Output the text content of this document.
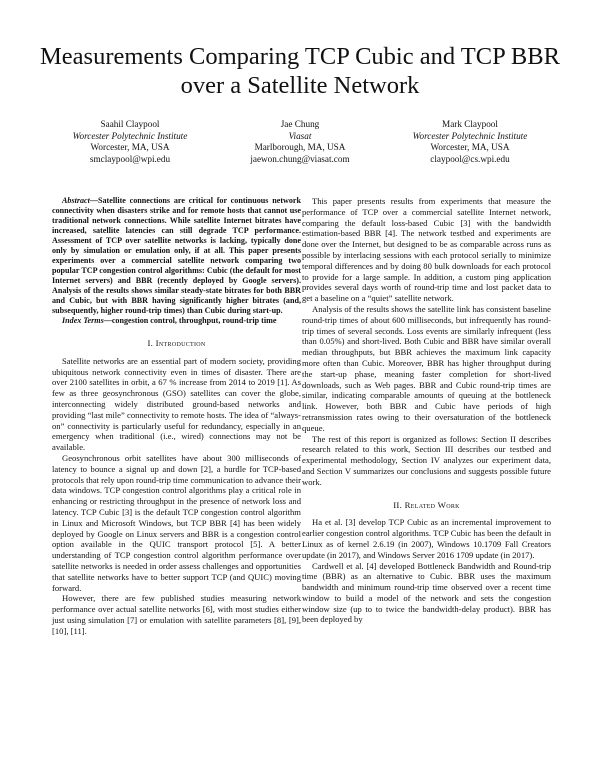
Measurements Comparing TCP Cubic and TCP BBR over a Satellite Network
Saahil Claypool
Worcester Polytechnic Institute
Worcester, MA, USA
smclaypool@wpi.edu
Jae Chung
Viasat
Marlborough, MA, USA
jaewon.chung@viasat.com
Mark Claypool
Worcester Polytechnic Institute
Worcester, MA, USA
claypool@cs.wpi.edu

Abstract—Satellite connections are critical for continuous network connectivity when disasters strike and for remote hosts that cannot use traditional network connections. While satellite Internet bitrates have increased, satellite latencies can still degrade TCP performance. Assessment of TCP over satellite networks is lacking, typically done only by simulation or emulation only, if at all. This paper presents experiments over a commercial satellite network comparing two popular TCP congestion control algorithms: Cubic (the default for most Internet servers) and BBR (recently deployed by Google servers). Analysis of the results shows similar steady-state bitrates for both BBR and Cubic, but with BBR having significantly higher bitrates (and, subsequently, higher round-trip times) than Cubic during start-up.

Index Terms—congestion control, throughput, round-trip time

I. Introduction

Satellite networks are an essential part of modern society, providing ubiquitous network connectivity even in times of disaster. There are over 2100 satellites in orbit, a 67 % increase from 2014 to 2019 [1]. As few as three geosynchronous (GSO) satellites can cover the globe, interconnecting widely distributed ground-based networks and providing “last mile” connectivity to remote hosts. The idea of “always-on” connectivity is particularly useful for redundancy, especially in an emergency when traditional (i.e., wired) connections may not be available.

Geosynchronous orbit satellites have about 300 milliseconds of latency to bounce a signal up and down [2], a hurdle for TCP-based protocols that rely upon round-trip time communication to advance their data windows. TCP congestion control algorithms play a critical role in enhancing or restricting throughput in the presence of network loss and latency. TCP Cubic [3] is the default TCP congestion control algorithm in Linux and Microsoft Windows, but TCP BBR [4] has been widely deployed by Google on Linux servers and BBR is a congestion control option available in the QUIC transport protocol [5]. A better understanding of TCP congestion control algorithm performance over satellite networks is needed in order assess challenges and opportunities that satellite networks have to better support TCP (and QUIC) moving forward.

However, there are few published studies measuring network performance over actual satellite networks [6], with most studies either just using simulation [7] or emulation with satellite parameters [8], [9], [10], [11].

This paper presents results from experiments that measure the performance of TCP over a commercial satellite Internet network, comparing the default loss-based Cubic [3] with the bandwidth estimation-based BBR [4]. The network testbed and experiments are done over the Internet, but designed to be as comparable across runs as possible by interlacing sessions with each protocol serially to minimize temporal differences and by doing 80 bulk downloads for each protocol to provide for a large sample. In addition, a custom ping application provides several days worth of round-trip time and lost packet data to get a baseline on a “quiet” satellite network.

Analysis of the results shows the satellite link has consistent baseline round-trip times of about 600 milliseconds, but infrequently has round-trip times of several seconds. Loss events are similarly infrequent (less than 0.05%) and short-lived. Both Cubic and BBR have similar overall median throughputs, but BBR achieves the maximum link capacity more often than Cubic. Moreover, BBR has higher throughput during the start-up phase, meaning faster completion for short-lived downloads, such as Web pages. BBR and Cubic round-trip times are similar, indicating comparable amounts of queuing at the bottleneck link. However, both BBR and Cubic have periods of high retransmission rates owing to their oversaturation of the bottleneck queue.

The rest of this report is organized as follows: Section II describes research related to this work, Section III describes our testbed and experimental methodology, Section IV analyzes our experiment data, and Section V summarizes our conclusions and suggests possible future work.

II. Related Work

Ha et al. [3] develop TCP Cubic as an incremental improvement to earlier congestion control algorithms. TCP Cubic has been the default in Linux as of kernel 2.6.19 (in 2007), Windows 10.1709 Fall Creators update (in 2017), and Windows Server 2016 1709 update (in 2017).

Cardwell et al. [4] developed Bottleneck Bandwidth and Round-trip time (BBR) as an alternative to Cubic. BBR uses the maximum bandwidth and minimum round-trip time observed over a recent time window to build a model of the network and sets the congestion window size (up to to twice the bandwidth-delay product). BBR has been deployed by
